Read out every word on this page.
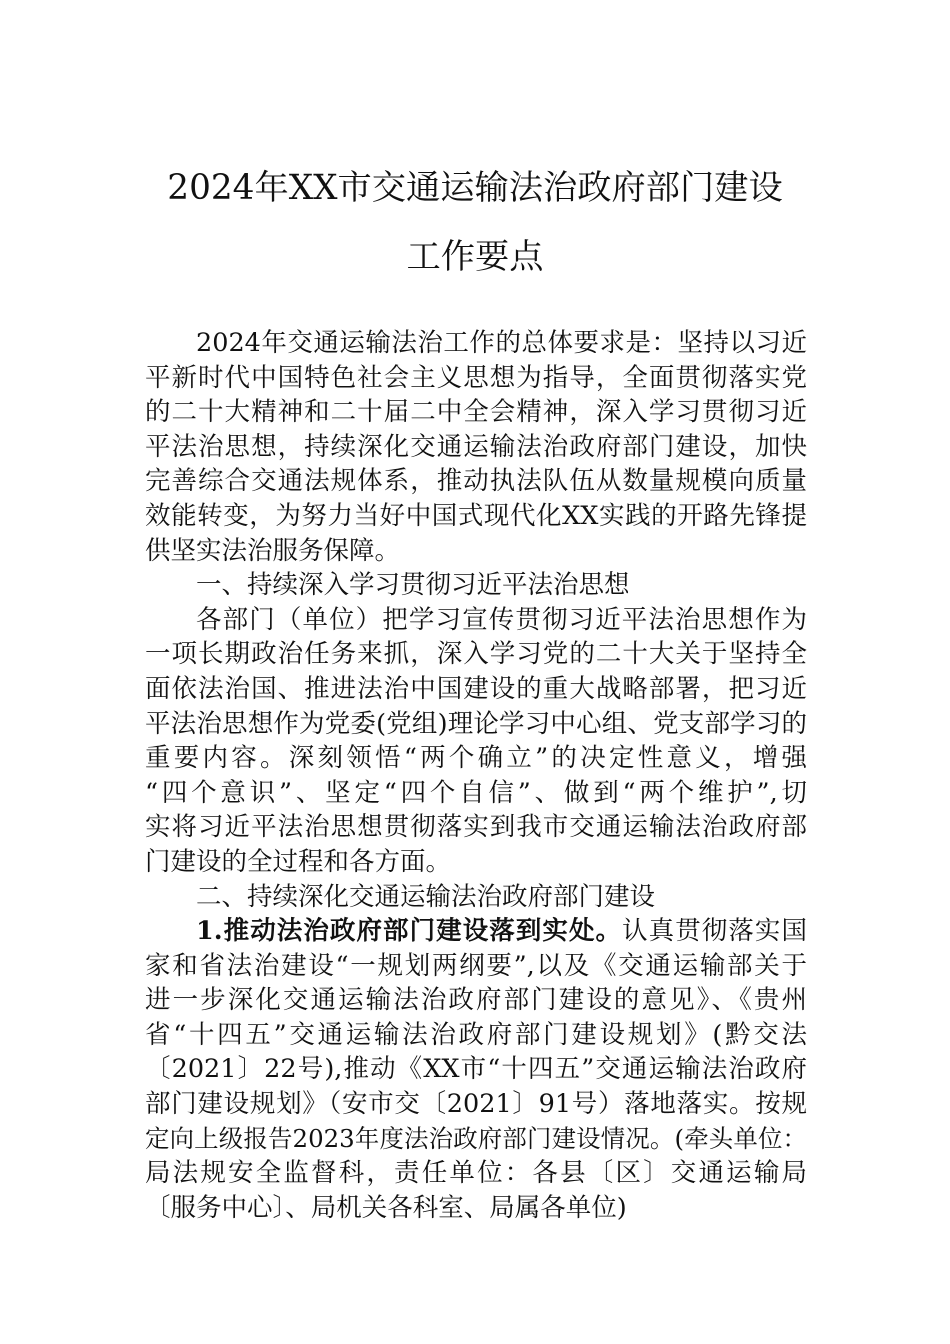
2024年XX市交通运输法治政府部门建设
工作要点
2024年交通运输法治工作的总体要求是：坚持以习近
平新时代中国特色社会主义思想为指导，全面贯彻落实党
的二十大精神和二十届二中全会精神，深入学习贯彻习近
平法治思想，持续深化交通运输法治政府部门建设，加快
完善综合交通法规体系，推动执法队伍从数量规模向质量
效能转变，为努力当好中国式现代化XX实践的开路先锋提
供坚实法治服务保障。
一、持续深入学习贯彻习近平法治思想
各部门（单位）把学习宣传贯彻习近平法治思想作为
一项长期政治任务来抓，深入学习党的二十大关于坚持全
面依法治国、推进法治中国建设的重大战略部署，把习近
平法治思想作为党委(党组)理论学习中心组、党支部学习的
重要内容。深刻领悟“两个确立”的决定性意义，增强
“四个意识”、坚定“四个自信”、做到“两个维护”,切
实将习近平法治思想贯彻落实到我市交通运输法治政府部
门建设的全过程和各方面。
二、持续深化交通运输法治政府部门建设
1.推动法治政府部门建设落到实处。认真贯彻落实国
家和省法治建设“一规划两纲要”,以及《交通运输部关于
进一步深化交通运输法治政府部门建设的意见》、《贵州
省“十四五”交通运输法治政府部门建设规划》(黔交法
〔2021〕22号),推动《XX市“十四五”交通运输法治政府
部门建设规划》（安市交〔2021〕91号）落地落实。按规
定向上级报告2023年度法治政府部门建设情况。(牵头单位：
局法规安全监督科，责任单位：各县〔区〕交通运输局
〔服务中心〕、局机关各科室、局属各单位)
